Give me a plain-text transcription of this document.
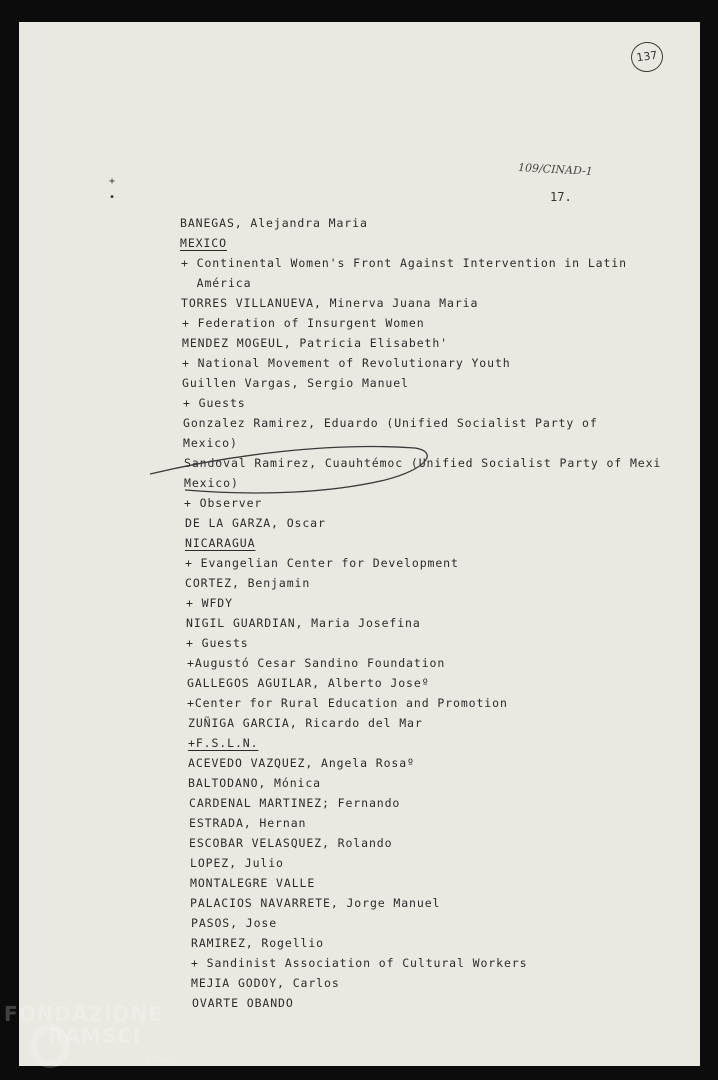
137
109/CINAD-1
17.
+
•
BANEGAS, Alejandra Maria
MEXICO
+ Continental Women's Front Against Intervention in Latin
América
TORRES VILLANUEVA, Minerva Juana Maria
+ Federation of Insurgent Women
MENDEZ MOGEUL, Patricia Elisabeth'
+ National Movement of Revolutionary Youth
Guillen Vargas, Sergio Manuel
+ Guests
Gonzalez Ramirez, Eduardo (Unified Socialist Party of
Mexico)
Sandoval Ramirez, Cuauhtémoc (Unified Socialist Party of Mexi
Mexico)
+ Observer
DE LA GARZA, Oscar
NICARAGUA
+ Evangelian Center for Development
CORTEZ, Benjamin
+ WFDY
NIGIL GUARDIAN, Maria Josefina
+ Guests
+Augustó Cesar Sandino Foundation
GALLEGOS AGUILAR, Alberto Joseº
+Center for Rural Education and Promotion
ZUÑIGA GARCIA, Ricardo del Mar
+F.S.L.N.
ACEVEDO VAZQUEZ, Angela Rosaº
BALTODANO, Mónica
CARDENAL MARTINEZ; Fernando
ESTRADA, Hernan
ESCOBAR VELASQUEZ, Rolando
LOPEZ, Julio
MONTALEGRE VALLE
PALACIOS NAVARRETE, Jorge Manuel
PASOS, Jose
RAMIREZ, Rogellio
+ Sandinist Association of Cultural Workers
MEJIA GODOY, Carlos
OVARTE OBANDO
FONDAZIONE
RAMSCI
onlus
